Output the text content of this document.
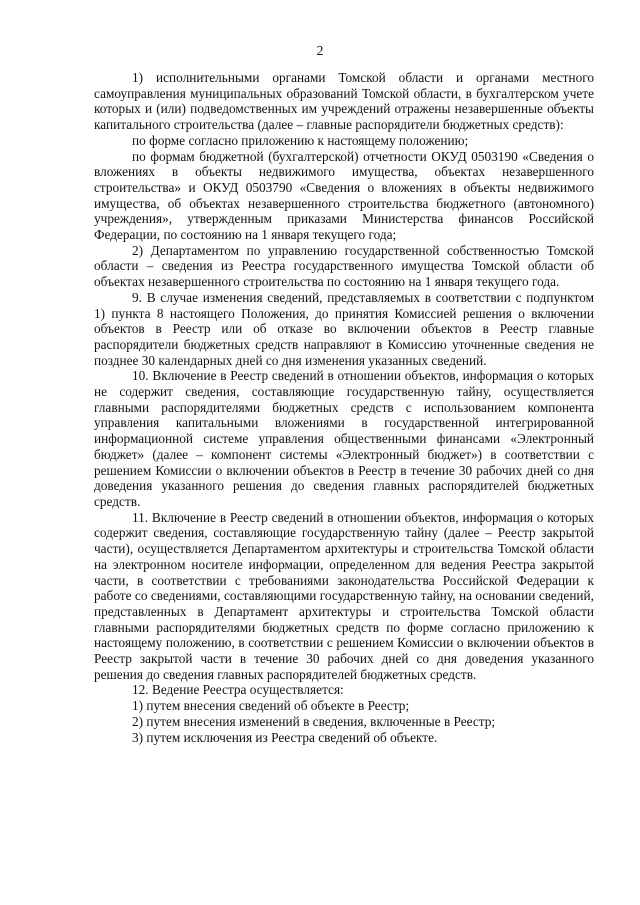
2

1) исполнительными органами Томской области и органами местного самоуправления муниципальных образований Томской области, в бухгалтерском учете которых и (или) подведомственных им учреждений отражены незавершенные объекты капитального строительства (далее – главные распорядители бюджетных средств):

по форме согласно приложению к настоящему положению;

по формам бюджетной (бухгалтерской) отчетности ОКУД 0503190 «Сведения о вложениях в объекты недвижимого имущества, объектах незавершенного строительства» и ОКУД 0503790 «Сведения о вложениях в объекты недвижимого имущества, об объектах незавершенного строительства бюджетного (автономного) учреждения», утвержденным приказами Министерства финансов Российской Федерации, по состоянию на 1 января текущего года;

2) Департаментом по управлению государственной собственностью Томской области – сведения из Реестра государственного имущества Томской области об объектах незавершенного строительства по состоянию на 1 января текущего года.

9. В случае изменения сведений, представляемых в соответствии с подпунктом 1) пункта 8 настоящего Положения, до принятия Комиссией решения о включении объектов в Реестр или об отказе во включении объектов в Реестр главные распорядители бюджетных средств направляют в Комиссию уточненные сведения не позднее 30 календарных дней со дня изменения указанных сведений.

10. Включение в Реестр сведений в отношении объектов, информация о которых не содержит сведения, составляющие государственную тайну, осуществляется главными распорядителями бюджетных средств с использованием компонента управления капитальными вложениями в государственной интегрированной информационной системе управления общественными финансами «Электронный бюджет» (далее – компонент системы «Электронный бюджет») в соответствии с решением Комиссии о включении объектов в Реестр в течение 30 рабочих дней со дня доведения указанного решения до сведения главных распорядителей бюджетных средств.

11. Включение в Реестр сведений в отношении объектов, информация о которых содержит сведения, составляющие государственную тайну (далее – Реестр закрытой части), осуществляется Департаментом архитектуры и строительства Томской области на электронном носителе информации, определенном для ведения Реестра закрытой части, в соответствии с требованиями законодательства Российской Федерации к работе со сведениями, составляющими государственную тайну, на основании сведений, представленных в Департамент архитектуры и строительства Томской области главными распорядителями бюджетных средств по форме согласно приложению к настоящему положению, в соответствии с решением Комиссии о включении объектов в Реестр закрытой части в течение 30 рабочих дней со дня доведения указанного решения до сведения главных распорядителей бюджетных средств.

12. Ведение Реестра осуществляется:

1) путем внесения сведений об объекте в Реестр;

2) путем внесения изменений в сведения, включенные в Реестр;

3) путем исключения из Реестра сведений об объекте.
